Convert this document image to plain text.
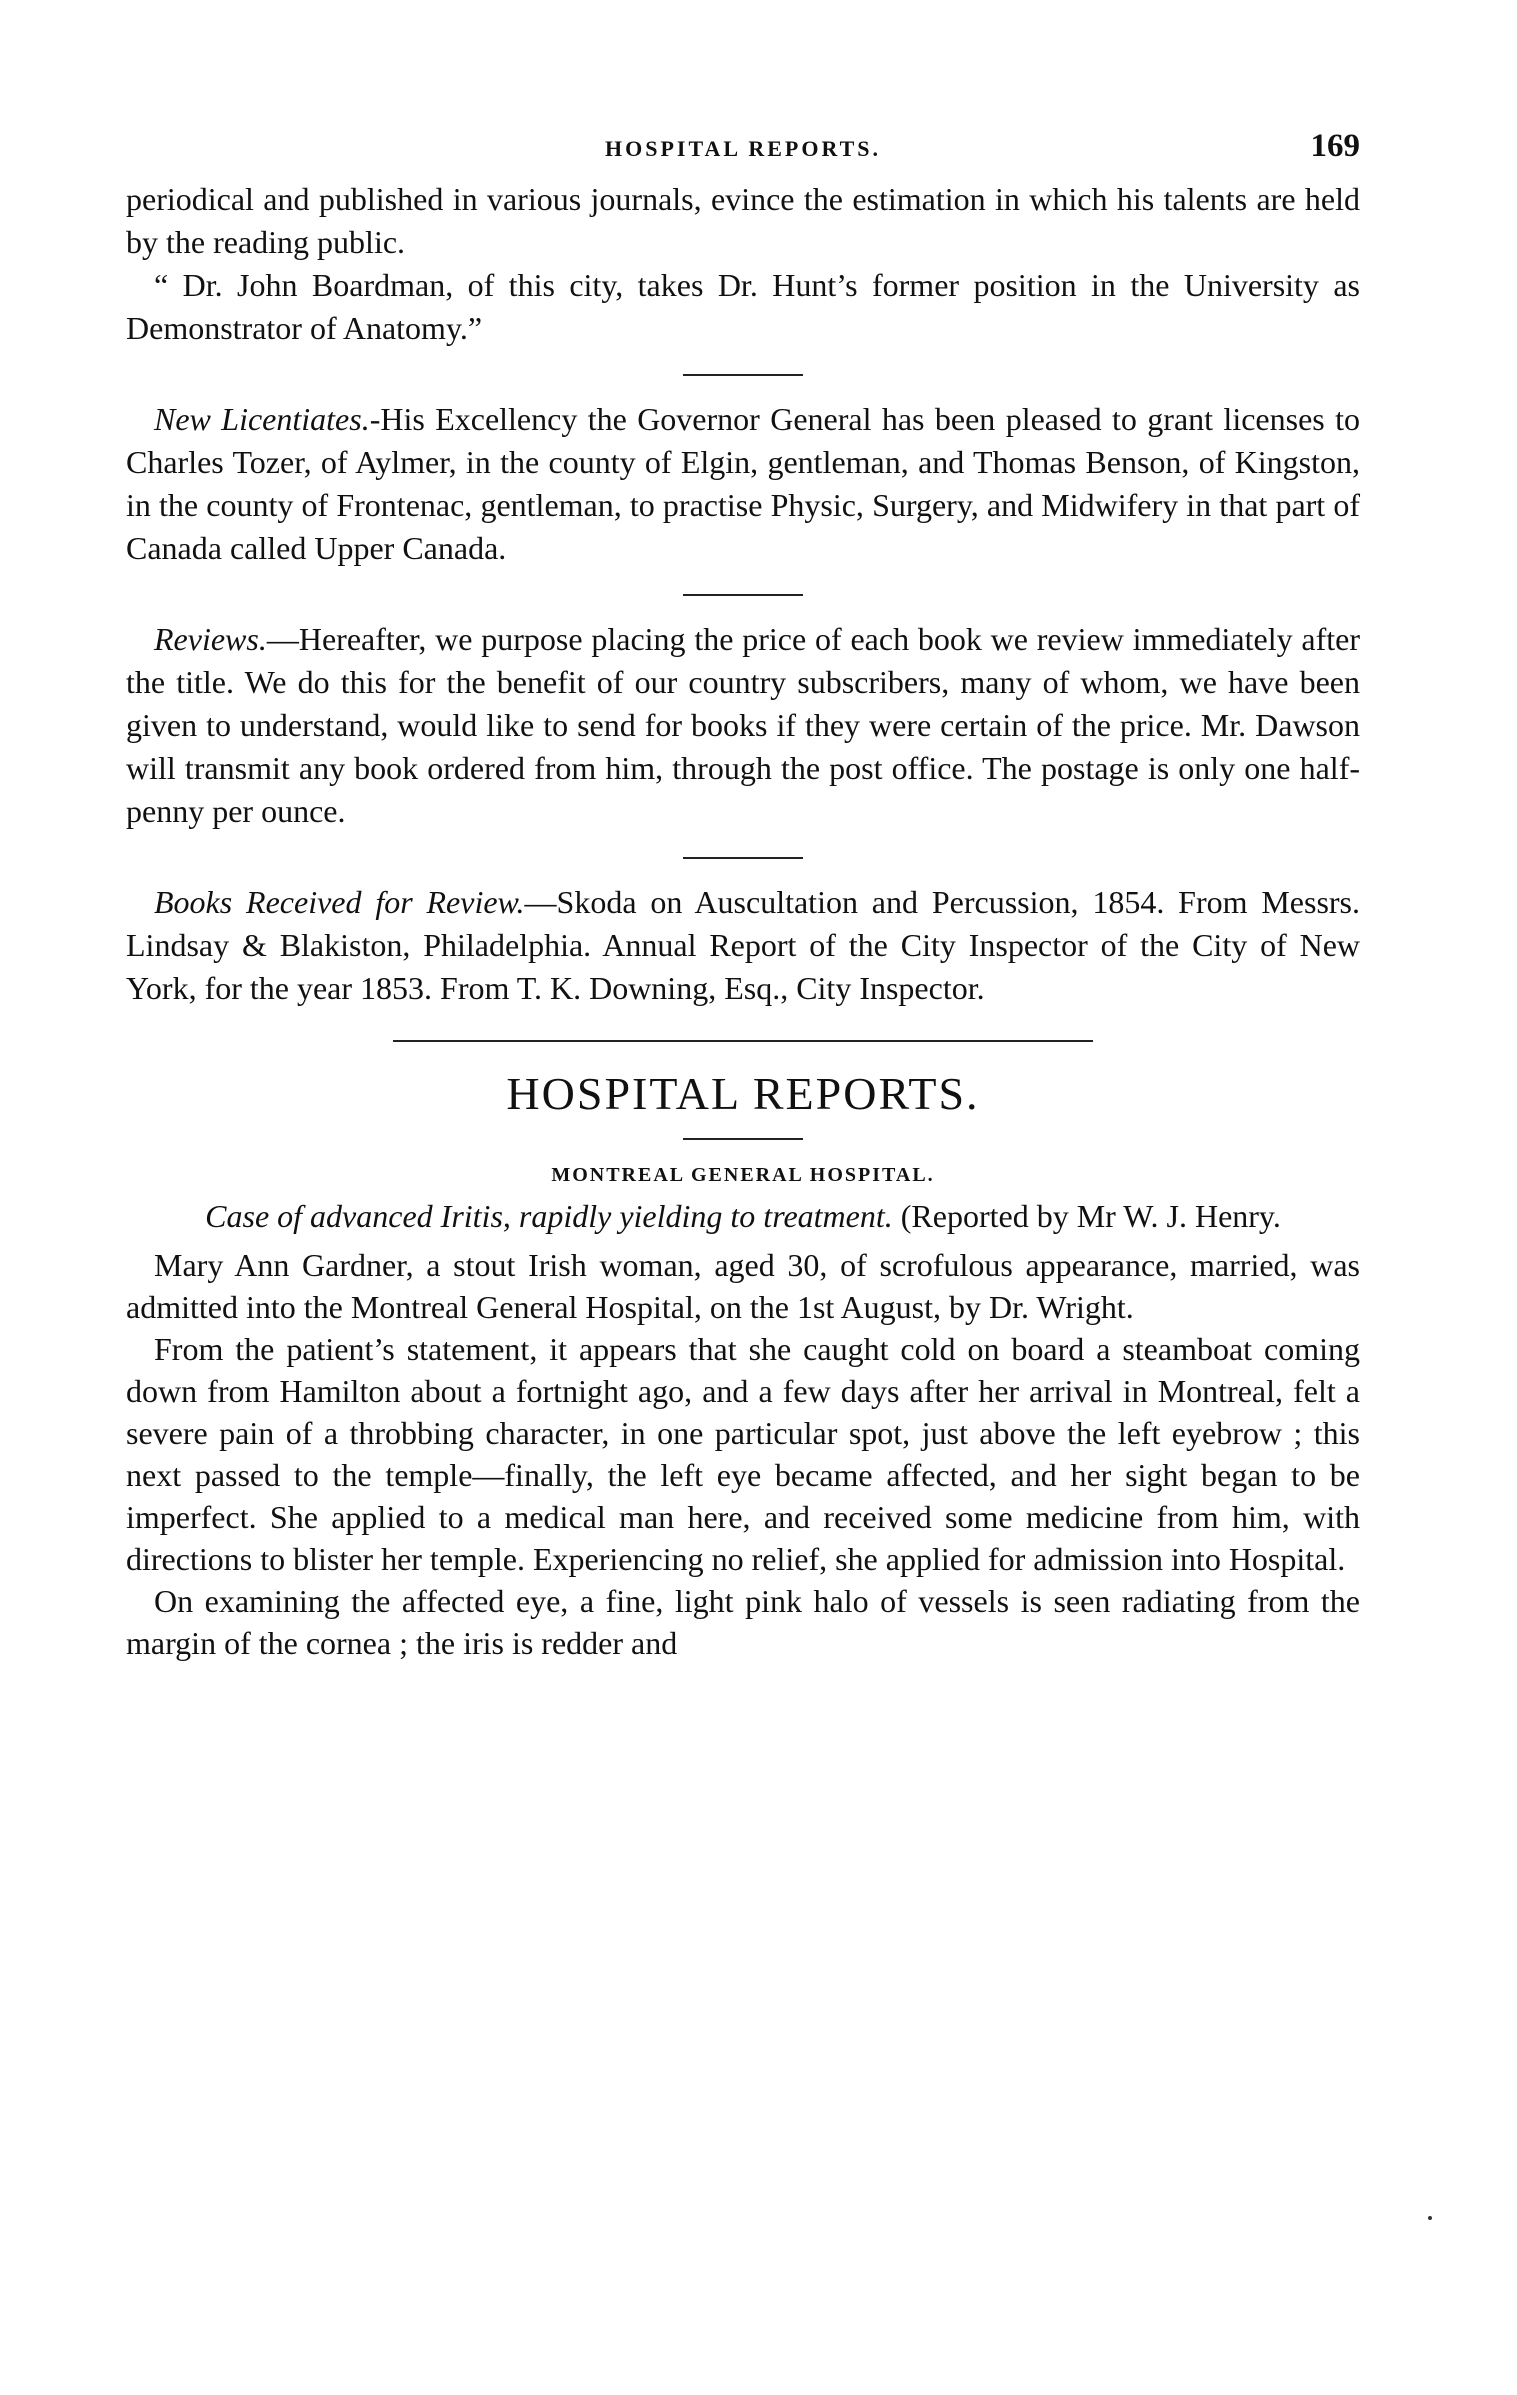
HOSPITAL REPORTS.	169

periodical and published in various journals, evince the estimation in which his talents are held by the reading public.

“ Dr. John Boardman, of this city, takes Dr. Hunt’s former position in the University as Demonstrator of Anatomy.”

New Licentiates.-His Excellency the Governor General has been pleased to grant licenses to Charles Tozer, of Aylmer, in the county of Elgin, gentleman, and Thomas Benson, of Kingston, in the county of Frontenac, gentleman, to practise Physic, Surgery, and Midwifery in that part of Canada called Upper Canada.

Reviews.—Hereafter, we purpose placing the price of each book we review immediately after the title. We do this for the benefit of our country subscribers, many of whom, we have been given to understand, would like to send for books if they were certain of the price. Mr. Dawson will transmit any book ordered from him, through the post office. The postage is only one half-penny per ounce.

Books Received for Review.—Skoda on Auscultation and Percussion, 1854. From Messrs. Lindsay & Blakiston, Philadelphia. Annual Report of the City Inspector of the City of New York, for the year 1853. From T. K. Downing, Esq., City Inspector.

HOSPITAL REPORTS.
MONTREAL GENERAL HOSPITAL.
Case of advanced Iritis, rapidly yielding to treatment. (Reported by Mr W. J. Henry.

Mary Ann Gardner, a stout Irish woman, aged 30, of scrofulous appearance, married, was admitted into the Montreal General Hospital, on the 1st August, by Dr. Wright.

From the patient’s statement, it appears that she caught cold on board a steamboat coming down from Hamilton about a fortnight ago, and a few days after her arrival in Montreal, felt a severe pain of a throbbing character, in one particular spot, just above the left eyebrow ; this next passed to the temple—finally, the left eye became affected, and her sight began to be imperfect. She applied to a medical man here, and received some medicine from him, with directions to blister her temple. Experiencing no relief, she applied for admission into Hospital.

On examining the affected eye, a fine, light pink halo of vessels is seen radiating from the margin of the cornea ; the iris is redder and
